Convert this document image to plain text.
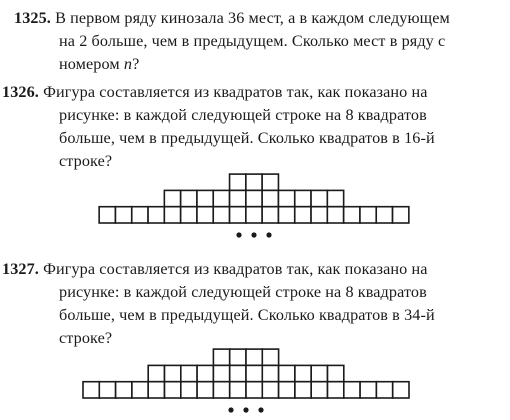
1325. В первом ряду кинозала 36 мест, а в каждом следующем
на 2 больше, чем в предыдущем. Сколько мест в ряду с
номером n?
1326. Фигура составляется из квадратов так, как показано на
рисунке: в каждой следующей строке на 8 квадратов
больше, чем в предыдущей. Сколько квадратов в 16-й
строке?
1327. Фигура составляется из квадратов так, как показано на
рисунке: в каждой следующей строке на 8 квадратов
больше, чем в предыдущей. Сколько квадратов в 34-й
строке?
